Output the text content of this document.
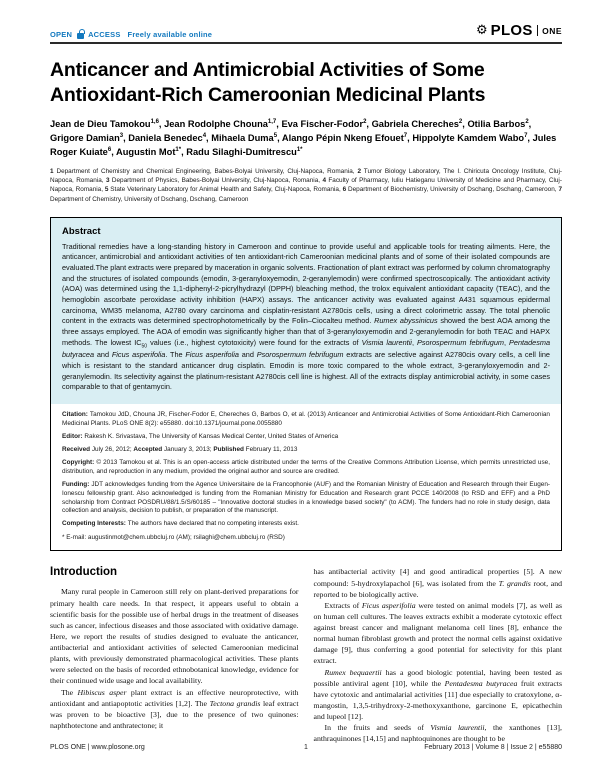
OPEN ACCESS Freely available online	⚙ PLOS ONE
Anticancer and Antimicrobial Activities of Some Antioxidant-Rich Cameroonian Medicinal Plants
Jean de Dieu Tamokou$^{1,6}$, Jean Rodolphe Chouna$^{1,7}$, Eva Fischer-Fodor$^2$, Gabriela Chereches$^2$, Otilia Barbos$^2$, Grigore Damian$^3$, Daniela Benedec$^4$, Mihaela Duma$^5$, Alango Pépin Nkeng Efouet$^7$, Hippolyte Kamdem Wabo$^7$, Jules Roger Kuiate$^6$, Augustin Mot$^{1*}$, Radu Silaghi-Dumitrescu$^{1*}$
1 Department of Chemistry and Chemical Engineering, Babes-Bolyai University, Cluj-Napoca, Romania, 2 Tumor Biology Laboratory, The I. Chiricuta Oncology Institute, Cluj-Napoca, Romania, 3 Department of Physics, Babes-Bolyai University, Cluj-Napoca, Romania, 4 Faculty of Pharmacy, Iuliu Hatieganu University of Medicine and Pharmacy, Cluj-Napoca, Romania, 5 State Veterinary Laboratory for Animal Health and Safety, Cluj-Napoca, Romania, 6 Department of Biochemistry, University of Dschang, Dschang, Cameroon, 7 Department of Chemistry, University of Dschang, Dschang, Cameroon
Abstract

Traditional remedies have a long-standing history in Cameroon and continue to provide useful and applicable tools for treating ailments. Here, the anticancer, antimicrobial and antioxidant activities of ten antioxidant-rich Cameroonian medicinal plants and of some of their isolated compounds are evaluated.The plant extracts were prepared by maceration in organic solvents. Fractionation of plant extract was performed by column chromatography and the structures of isolated compounds (emodin, 3-geranyloxyemodin, 2-geranylemodin) were confirmed spectroscopically. The antioxidant activity (AOA) was determined using the 1,1-diphenyl-2-picrylhydrazyl (DPPH) bleaching method, the trolox equivalent antioxidant capacity (TEAC), and the hemoglobin ascorbate peroxidase activity inhibition (HAPX) assays. The anticancer activity was evaluated against A431 squamous epidermal carcinoma, WM35 melanoma, A2780 ovary carcinoma and cisplatin-resistant A2780cis cells, using a direct colorimetric assay. The total phenolic content in the extracts was determined spectrophotometrically by the Folin–Ciocalteu method. Rumex abyssinicus showed the best AOA among the three assays employed. The AOA of emodin was significantly higher than that of 3-geranyloxyemodin and 2-geranylemodin for both TEAC and HAPX methods. The lowest $IC_{50}$ values (i.e., highest cytotoxicity) were found for the extracts of Vismia laurentii, Psorospermum febrifugum, Pentadesma butyracea and Ficus asperifolia. The Ficus asperifolia and Psorospermum febrifugum extracts are selective against A2780cis ovary cells, a cell line which is resistant to the standard anticancer drug cisplatin. Emodin is more toxic compared to the whole extract, 3-geranyloxyemodin and 2-geranylemodin. Its selectivity against the platinum-resistant A2780cis cell line is highest. All of the extracts display antimicrobial activity, in some cases comparable to that of gentamycin.

Citation: Tamokou JdD, Chouna JR, Fischer-Fodor E, Chereches G, Barbos O, et al. (2013) Anticancer and Antimicrobial Activities of Some Antioxidant-Rich Cameroonian Medicinal Plants. PLoS ONE 8(2): e55880. doi:10.1371/journal.pone.0055880

Editor: Rakesh K. Srivastava, The University of Kansas Medical Center, United States of America

Received July 26, 2012; Accepted January 3, 2013; Published February 11, 2013

Copyright: © 2013 Tamokou et al. This is an open-access article distributed under the terms of the Creative Commons Attribution License, which permits unrestricted use, distribution, and reproduction in any medium, provided the original author and source are credited.

Funding: JDT acknowledges funding from the Agence Universitaire de la Francophonie (AUF) and the Romanian Ministry of Education and Research through their Eugen-Ionescu fellowship grant. Also acknowledged is funding from the Romanian Ministry for Education and Research grant PCCE 140/2008 (to RSD and EFF) and a PhD scholarship from Contract POSDRU/88/1.5/S/60185 – "Innovative doctoral studies in a knowledge based society" (to ACM). The funders had no role in study design, data collection and analysis, decision to publish, or preparation of the manuscript.

Competing Interests: The authors have declared that no competing interests exist.

* E-mail: augustinmot@chem.ubbcluj.ro (AM); rsilaghi@chem.ubbcluj.ro (RSD)

Introduction

Many rural people in Cameroon still rely on plant-derived preparations for primary health care needs. In that respect, it appears useful to obtain a scientific basis for the possible use of herbal drugs in the treatment of diseases such as cancer, infectious diseases and those associated with oxidative damage. Here, we report the results of studies designed to evaluate the anticancer, antibacterial and antioxidant activities of selected Cameroonian medicinal plants, with previously demonstrated pharmacological activities. These plants were selected on the basis of recorded ethnobotanical knowledge, evidence for their continued wide usage and local availability.

The Hibiscus asper plant extract is an effective neuroprotective, with antioxidant and antiapoptotic activities [1,2]. The Tectona grandis leaf extract was proven to be bioactive [3], due to the presence of two quinones: naphthotectone and anthratectone; it

has antibacterial activity [4] and good antiradical properties [5]. A new compound: 5-hydroxylapachol [6], was isolated from the T. grandis root, and reported to be biologically active.

Extracts of Ficus asperifolia were tested on animal models [7], as well as on human cell cultures. The leaves extracts exhibit a moderate cytotoxic effect against breast cancer and malignant melanoma cell lines [8], enhance the normal human fibroblast growth and protect the normal cells against oxidative damage [9], thus conferring a good potential for selectivity for this plant extract.

Rumex bequaertii has a good biologic potential, having been tested as possible antiviral agent [10], while the Pentadesma butyracea fruit extracts have cytotoxic and antimalarial activities [11] due especially to cratoxylone, α-mangostin, 1,3,5-trihydroxy-2-methoxyxanthone, garcinone E, epicathechin and lupeol [12].

In the fruits and seeds of Vismia laurentii, the xanthones [13], anthraquinones [14,15] and naphtoquinones are thought to be

PLOS ONE | www.plosone.org	1	February 2013 | Volume 8 | Issue 2 | e55880
